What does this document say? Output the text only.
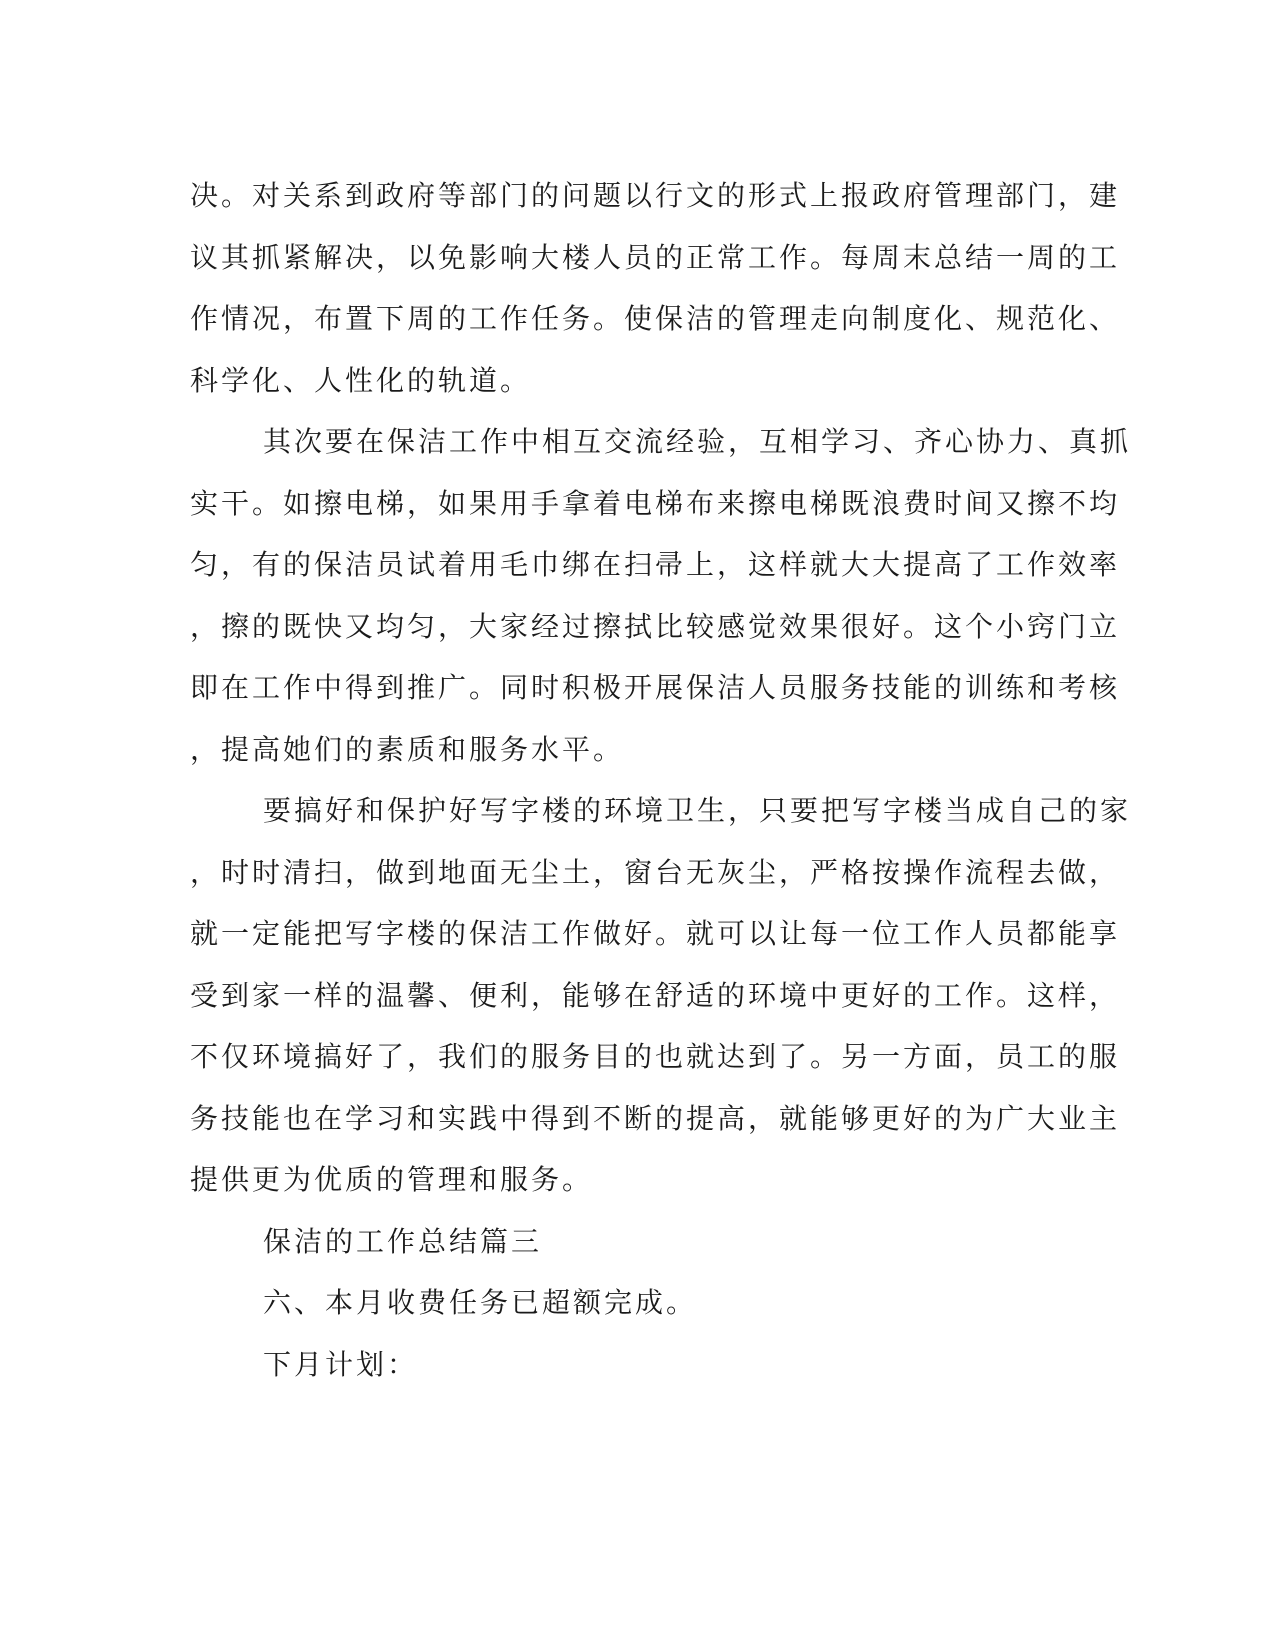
决。对关系到政府等部门的问题以行文的形式上报政府管理部门，建
议其抓紧解决，以免影响大楼人员的正常工作。每周末总结一周的工
作情况，布置下周的工作任务。使保洁的管理走向制度化、规范化、
科学化、人性化的轨道。

其次要在保洁工作中相互交流经验，互相学习、齐心协力、真抓
实干。如擦电梯，如果用手拿着电梯布来擦电梯既浪费时间又擦不均
匀，有的保洁员试着用毛巾绑在扫帚上，这样就大大提高了工作效率
，擦的既快又均匀，大家经过擦拭比较感觉效果很好。这个小窍门立
即在工作中得到推广。同时积极开展保洁人员服务技能的训练和考核
，提高她们的素质和服务水平。

要搞好和保护好写字楼的环境卫生，只要把写字楼当成自己的家
，时时清扫，做到地面无尘土，窗台无灰尘，严格按操作流程去做，
就一定能把写字楼的保洁工作做好。就可以让每一位工作人员都能享
受到家一样的温馨、便利，能够在舒适的环境中更好的工作。这样，
不仅环境搞好了，我们的服务目的也就达到了。另一方面，员工的服
务技能也在学习和实践中得到不断的提高，就能够更好的为广大业主
提供更为优质的管理和服务。

保洁的工作总结篇三

六、本月收费任务已超额完成。

下月计划：
